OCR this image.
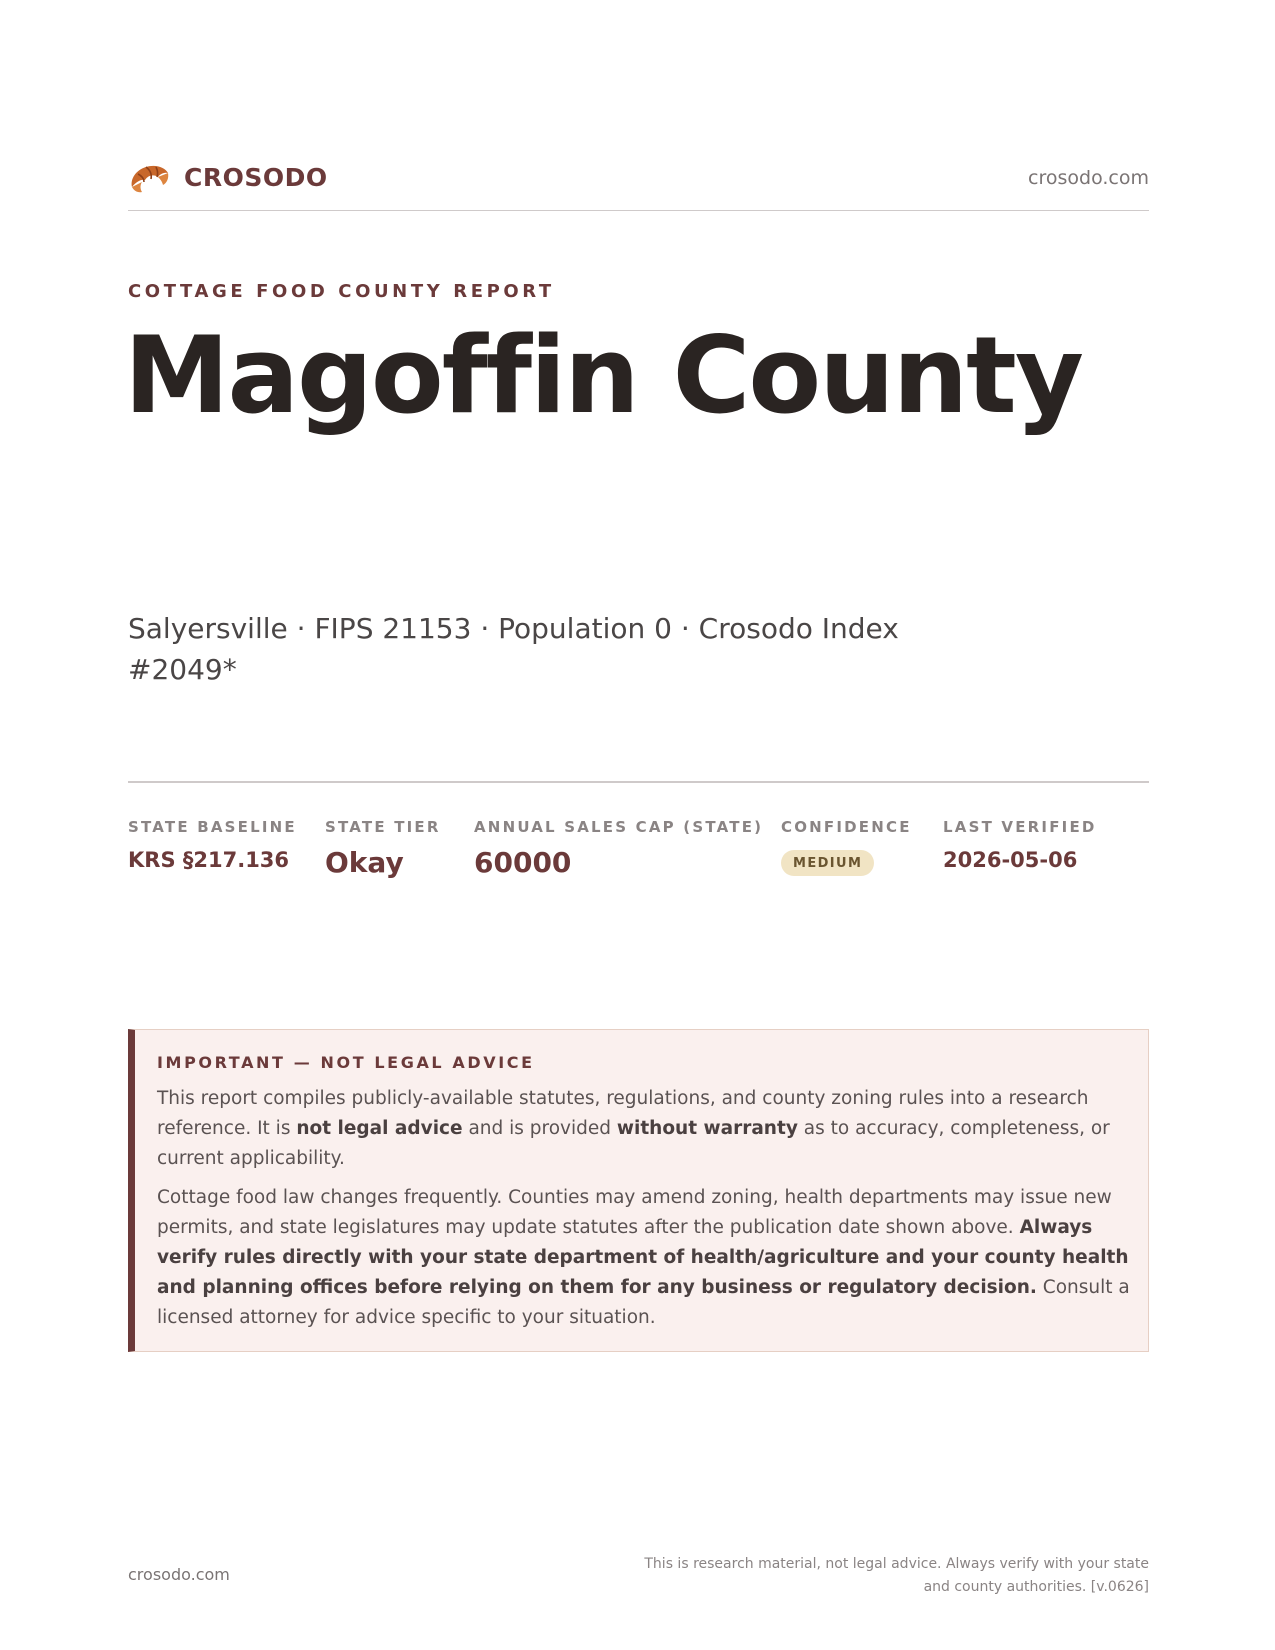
CROSODO	crosodo.com
COTTAGE FOOD COUNTY REPORT
Magoffin County
Salyersville · FIPS 21153 · Population 0 · Crosodo Index #2049*
STATE BASELINE
KRS §217.136
STATE TIER
Okay
ANNUAL SALES CAP (STATE)
60000
CONFIDENCE
MEDIUM
LAST VERIFIED
2026-05-06
IMPORTANT — NOT LEGAL ADVICE

This report compiles publicly-available statutes, regulations, and county zoning rules into a research reference. It is not legal advice and is provided without warranty as to accuracy, completeness, or current applicability.

Cottage food law changes frequently. Counties may amend zoning, health departments may issue new permits, and state legislatures may update statutes after the publication date shown above. Always verify rules directly with your state department of health/agriculture and your county health and planning offices before relying on them for any business or regulatory decision. Consult a licensed attorney for advice specific to your situation.

crosodo.com
This is research material, not legal advice. Always verify with your state and county authorities. [v.0626]
